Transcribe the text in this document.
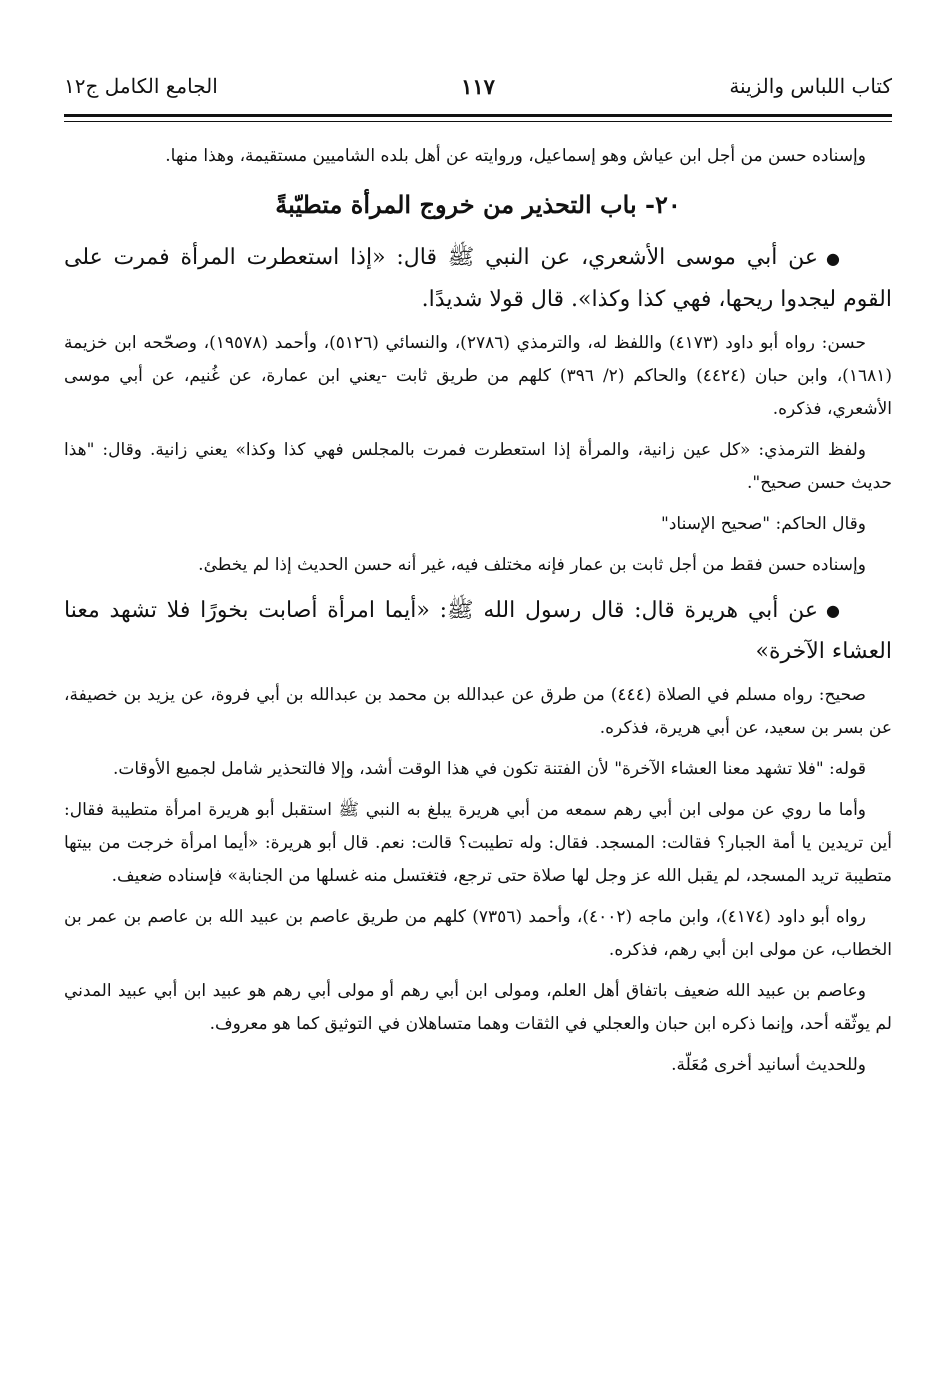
كتاب اللباس والزينة
١١٧
الجامع الكامل ج١٢

وإسناده حسن من أجل ابن عياش وهو إسماعيل، وروايته عن أهل بلده الشاميين مستقيمة، وهذا منها.

٢٠- باب التحذير من خروج المرأة متطيّبةً

●عن أبي موسى الأشعري، عن النبي ﷺ قال: «إذا استعطرت المرأة فمرت على القوم ليجدوا ريحها، فهي كذا وكذا». قال قولا شديدًا.

حسن: رواه أبو داود (٤١٧٣) واللفظ له، والترمذي (٢٧٨٦)، والنسائي (٥١٢٦)، وأحمد (١٩٥٧٨)، وصحّحه ابن خزيمة (١٦٨١)، وابن حبان (٤٤٢٤) والحاكم (٢/ ٣٩٦) كلهم من طريق ثابت -يعني ابن عمارة، عن غُنيم، عن أبي موسى الأشعري، فذكره.

ولفظ الترمذي: «كل عين زانية، والمرأة إذا استعطرت فمرت بالمجلس فهي كذا وكذا» يعني زانية. وقال: "هذا حديث حسن صحيح".

وقال الحاكم: "صحيح الإسناد"

وإسناده حسن فقط من أجل ثابت بن عمار فإنه مختلف فيه، غير أنه حسن الحديث إذا لم يخطئ.

●عن أبي هريرة قال: قال رسول الله ﷺ: «أيما امرأة أصابت بخورًا فلا تشهد معنا العشاء الآخرة»

صحيح: رواه مسلم في الصلاة (٤٤٤) من طرق عن عبدالله بن محمد بن عبدالله بن أبي فروة، عن يزيد بن خصيفة، عن بسر بن سعيد، عن أبي هريرة، فذكره.

قوله: "فلا تشهد معنا العشاء الآخرة" لأن الفتنة تكون في هذا الوقت أشد، وإلا فالتحذير شامل لجميع الأوقات.

وأما ما روي عن مولى ابن أبي رهم سمعه من أبي هريرة يبلغ به النبي ﷺ استقبل أبو هريرة امرأة متطيبة فقال: أين تريدين يا أمة الجبار؟ فقالت: المسجد. فقال: وله تطيبت؟ قالت: نعم. قال أبو هريرة: «أيما امرأة خرجت من بيتها متطيبة تريد المسجد، لم يقبل الله عز وجل لها صلاة حتى ترجع، فتغتسل منه غسلها من الجنابة» فإسناده ضعيف.

رواه أبو داود (٤١٧٤)، وابن ماجه (٤٠٠٢)، وأحمد (٧٣٥٦) كلهم من طريق عاصم بن عبيد الله بن عاصم بن عمر بن الخطاب، عن مولى ابن أبي رهم، فذكره.

وعاصم بن عبيد الله ضعيف باتفاق أهل العلم، ومولى ابن أبي رهم أو مولى أبي رهم هو عبيد ابن أبي عبيد المدني لم يوثّقه أحد، وإنما ذكره ابن حبان والعجلي في الثقات وهما متساهلان في التوثيق كما هو معروف.

وللحديث أسانيد أخرى مُعَلّة.
